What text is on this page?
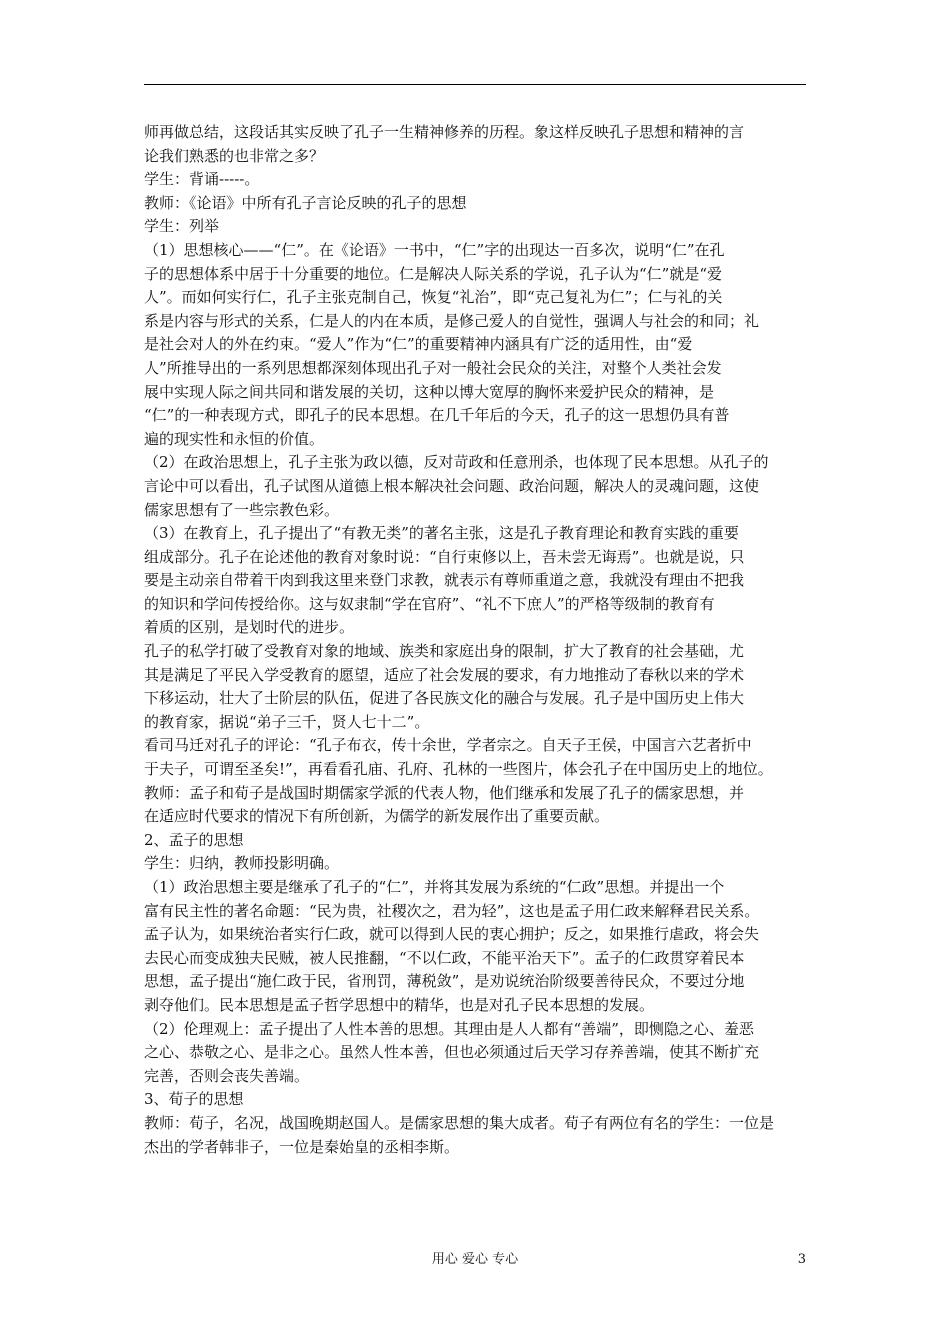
师再做总结，这段话其实反映了孔子一生精神修养的历程。象这样反映孔子思想和精神的言
论我们熟悉的也非常之多？
学生：背诵-----。
教师：《论语》中所有孔子言论反映的孔子的思想
学生：列举
（1）思想核心——“仁”。在《论语》一书中，“仁”字的出现达一百多次，说明“仁”在孔
子的思想体系中居于十分重要的地位。仁是解决人际关系的学说，孔子认为“仁”就是“爱
人”。而如何实行仁，孔子主张克制自己，恢复“礼治”，即“克己复礼为仁”；仁与礼的关
系是内容与形式的关系，仁是人的内在本质，是修己爱人的自觉性，强调人与社会的和同；礼
是社会对人的外在约束。“爱人”作为“仁”的重要精神内涵具有广泛的适用性，由“爱
人”所推导出的一系列思想都深刻体现出孔子对一般社会民众的关注，对整个人类社会发
展中实现人际之间共同和谐发展的关切，这种以博大宽厚的胸怀来爱护民众的精神，是
“仁”的一种表现方式，即孔子的民本思想。在几千年后的今天，孔子的这一思想仍具有普
遍的现实性和永恒的价值。
（2）在政治思想上，孔子主张为政以德，反对苛政和任意刑杀，也体现了民本思想。从孔子的
言论中可以看出，孔子试图从道德上根本解决社会问题、政治问题，解决人的灵魂问题，这使
儒家思想有了一些宗教色彩。
（3）在教育上，孔子提出了“有教无类”的著名主张，这是孔子教育理论和教育实践的重要
组成部分。孔子在论述他的教育对象时说：“自行束修以上，吾未尝无诲焉”。也就是说，只
要是主动亲自带着干肉到我这里来登门求教，就表示有尊师重道之意，我就没有理由不把我
的知识和学问传授给你。这与奴隶制“学在官府”、“礼不下庶人”的严格等级制的教育有
着质的区别，是划时代的进步。
孔子的私学打破了受教育对象的地域、族类和家庭出身的限制，扩大了教育的社会基础，尤
其是满足了平民入学受教育的愿望，适应了社会发展的要求，有力地推动了春秋以来的学术
下移运动，壮大了士阶层的队伍，促进了各民族文化的融合与发展。孔子是中国历史上伟大
的教育家，据说“弟子三千，贤人七十二”。
看司马迁对孔子的评论：“孔子布衣，传十余世，学者宗之。自天子王侯，中国言六艺者折中
于夫子，可谓至圣矣!”，再看看孔庙、孔府、孔林的一些图片，体会孔子在中国历史上的地位。
教师：孟子和荀子是战国时期儒家学派的代表人物，他们继承和发展了孔子的儒家思想，并
在适应时代要求的情况下有所创新，为儒学的新发展作出了重要贡献。
2、孟子的思想
学生：归纳，教师投影明确。
（1）政治思想主要是继承了孔子的“仁”，并将其发展为系统的“仁政”思想。并提出一个
富有民主性的著名命题：“民为贵，社稷次之，君为轻”，这也是孟子用仁政来解释君民关系。
孟子认为，如果统治者实行仁政，就可以得到人民的衷心拥护；反之，如果推行虐政，将会失
去民心而变成独夫民贼，被人民推翻，“不以仁政，不能平治天下”。孟子的仁政贯穿着民本
思想，孟子提出“施仁政于民，省刑罚，薄税敛”，是劝说统治阶级要善待民众，不要过分地
剥夺他们。民本思想是孟子哲学思想中的精华，也是对孔子民本思想的发展。
（2）伦理观上：孟子提出了人性本善的思想。其理由是人人都有“善端”，即恻隐之心、羞恶
之心、恭敬之心、是非之心。虽然人性本善，但也必须通过后天学习存养善端，使其不断扩充
完善，否则会丧失善端。
3、荀子的思想
教师：荀子，名况，战国晚期赵国人。是儒家思想的集大成者。荀子有两位有名的学生：一位是
杰出的学者韩非子，一位是秦始皇的丞相李斯。
用心 爱心 专心	3
